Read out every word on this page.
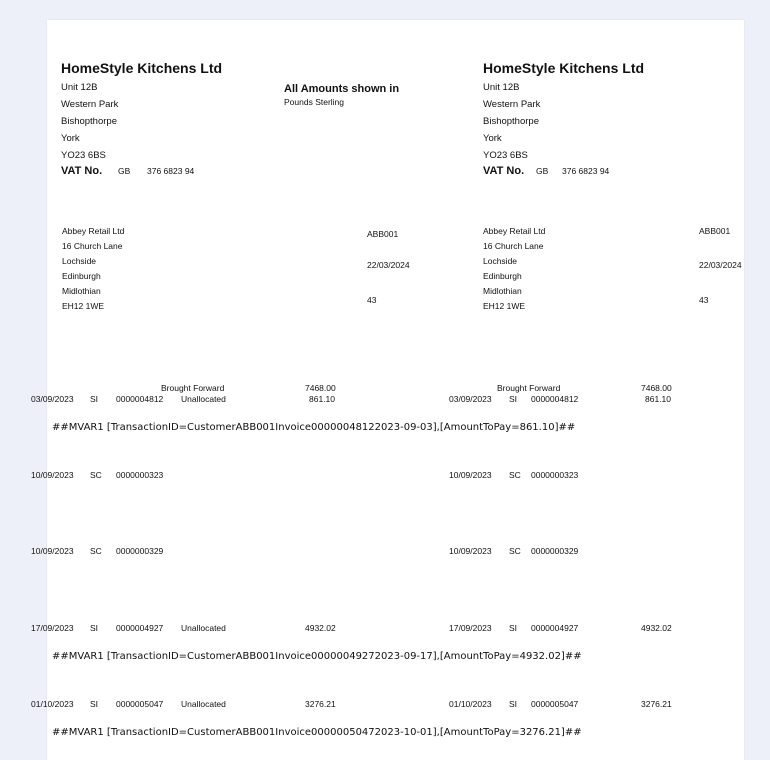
HomeStyle Kitchens Ltd
Unit 12B
Western Park
Bishopthorpe
York
YO23 6BS
VAT No. GB 376 6823 94
All Amounts shown in
Pounds Sterling
HomeStyle Kitchens Ltd
Unit 12B
Western Park
Bishopthorpe
York
YO23 6BS
VAT No. GB 376 6823 94
Abbey Retail Ltd
16 Church Lane
Lochside
Edinburgh
Midlothian
EH12 1WE
ABB001
22/03/2024
43
Abbey Retail Ltd
16 Church Lane
Lochside
Edinburgh
Midlothian
EH12 1WE
ABB001
22/03/2024
43
Brought Forward	7468.00	Brought Forward	7468.00
03/09/2023 SI 0000004812 Unallocated	861.10	03/09/2023 SI 0000004812	861.10
##MVAR1 [TransactionID=CustomerABB001Invoice00000048122023-09-03],[AmountToPay=861.10]##
10/09/2023 SC 0000000323	10/09/2023 SC 0000000323
10/09/2023 SC 0000000329	10/09/2023 SC 0000000329
17/09/2023 SI 0000004927 Unallocated	4932.02	17/09/2023 SI 0000004927	4932.02
##MVAR1 [TransactionID=CustomerABB001Invoice00000049272023-09-17],[AmountToPay=4932.02]##
01/10/2023 SI 0000005047 Unallocated	3276.21	01/10/2023 SI 0000005047	3276.21
##MVAR1 [TransactionID=CustomerABB001Invoice00000050472023-10-01],[AmountToPay=3276.21]##
